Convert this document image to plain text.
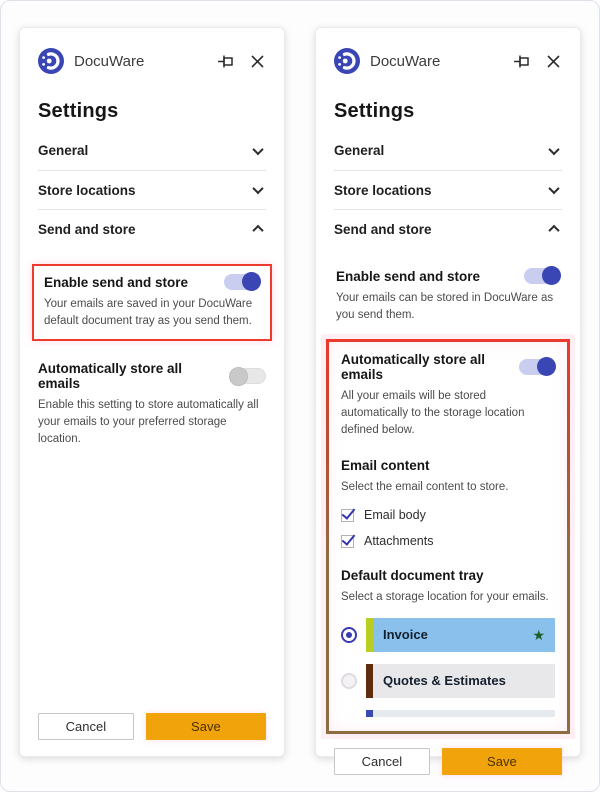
DocuWare
Settings
General
Store locations
Send and store
Enable send and store
Your emails are saved in your DocuWare default document tray as you send them.
Automatically store all emails
Enable this setting to store automatically all your emails to your preferred storage location.
Cancel	Save
DocuWare
Settings
General
Store locations
Send and store
Enable send and store
Your emails can be stored in DocuWare as you send them.
Automatically store all emails
All your emails will be stored automatically to the storage location defined below.
Email content
Select the email content to store.
Email body
Attachments
Default document tray
Select a storage location for your emails.
Invoice	★
Quotes & Estimates
Cancel	Save
